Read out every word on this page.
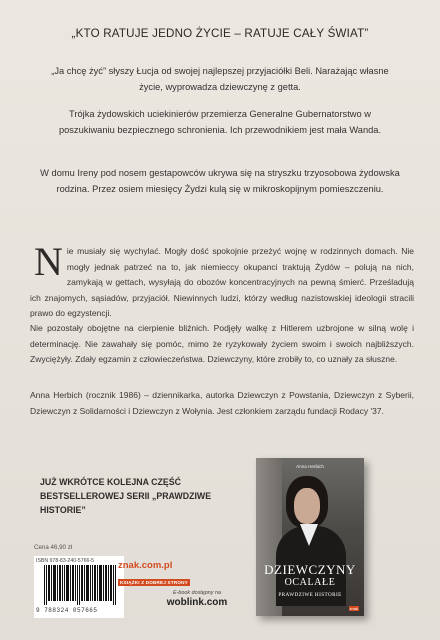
„KTO RATUJE JEDNO ŻYCIE – RATUJE CAŁY ŚWIAT”
„Ja chcę żyć” słyszy Łucja od swojej najlepszej przyjaciółki Beli. Narażając własne życie, wyprowadza dziewczynę z getta.
Trójka żydowskich uciekinierów przemierza Generalne Gubernatorstwo w poszukiwaniu bezpiecznego schronienia. Ich przewodnikiem jest mała Wanda.
W domu Ireny pod nosem gestapowców ukrywa się na stryszku trzyosobowa żydowska rodzina. Przez osiem miesięcy Żydzi kulą się w mikroskopijnym pomieszczeniu.
N ie musiały się wychylać. Mogły dość spokojnie przeżyć wojnę w rodzinnych domach. Nie mogły jednak patrzeć na to, jak niemieccy okupanci traktują Żydów – polują na nich, zamykają w gettach, wysyłają do obozów koncentracyjnych na pewną śmierć. Prześladują ich znajomych, sąsiadów, przyjaciół. Niewinnych ludzi, którzy według nazistowskiej ideologii stracili prawo do egzystencji.
Nie pozostały obojętne na cierpienie bliźnich. Podjęły walkę z Hitlerem uzbrojone w silną wolę i determinację. Nie zawahały się pomóc, mimo że ryzykowały życiem swoim i swoich najbliższych. Zwyciężyły. Zdały egzamin z człowieczeństwa. Dziewczyny, które zrobiły to, co uznały za słuszne.
Anna Herbich (rocznik 1986) – dziennikarka, autorka Dziewczyn z Powstania, Dziewczyn z Syberii, Dziewczyn z Solidarności i Dziewczyn z Wołynia. Jest członkiem zarządu fundacji Rodacy '37.
JUŻ WKRÓTCE KOLEJNA CZĘŚĆ
BESTSELLEROWEJ SERII „PRAWDZIWE HISTORIE”
Cena 46,90 zł
ISBN 978-83-240-5766-5
9 788324 057665
znak.com.pl
KSIĄŻKI Z DOBREJ STRONY
E-book dostępny na
woblink.com
Anna Herbich
DZIEWCZYNY
OCALAŁE
PRAWDZIWE HISTORIE
znak
